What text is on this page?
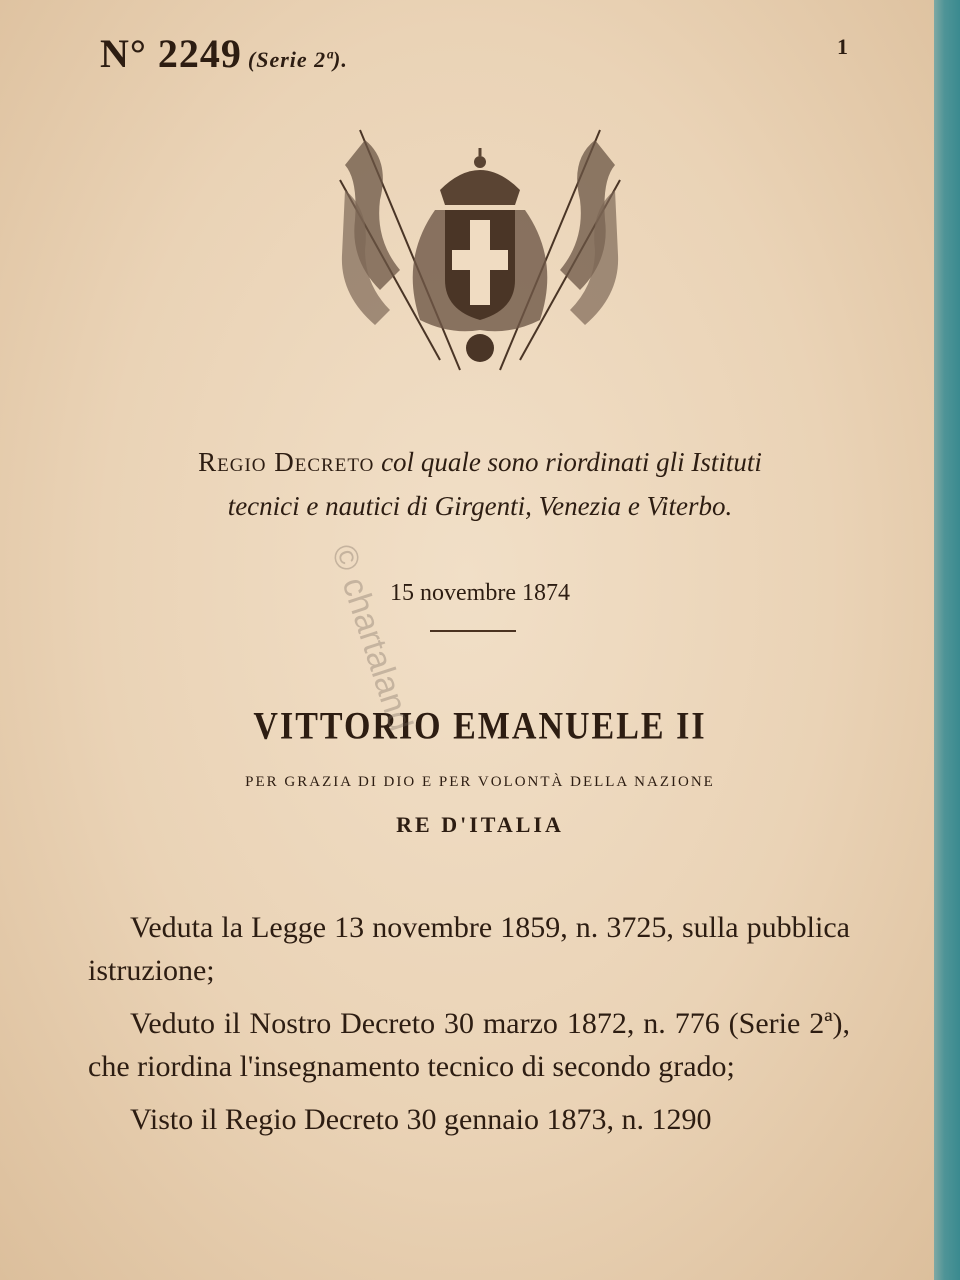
N° 2249 (Serie 2ª).
1
Regio Decreto col quale sono riordinati gli Istituti
tecnici e nautici di Girgenti, Venezia e Viterbo.
15 novembre 1874
VITTORIO EMANUELE II
PER GRAZIA DI DIO E PER VOLONTÀ DELLA NAZIONE
RE D'ITALIA

Veduta la Legge 13 novembre 1859, n. 3725, sulla pubblica istruzione;

Veduto il Nostro Decreto 30 marzo 1872, n. 776 (Serie 2ª), che riordina l'insegnamento tecnico di secondo grado;

Visto il Regio Decreto 30 gennaio 1873, n. 1290

© chartaland
